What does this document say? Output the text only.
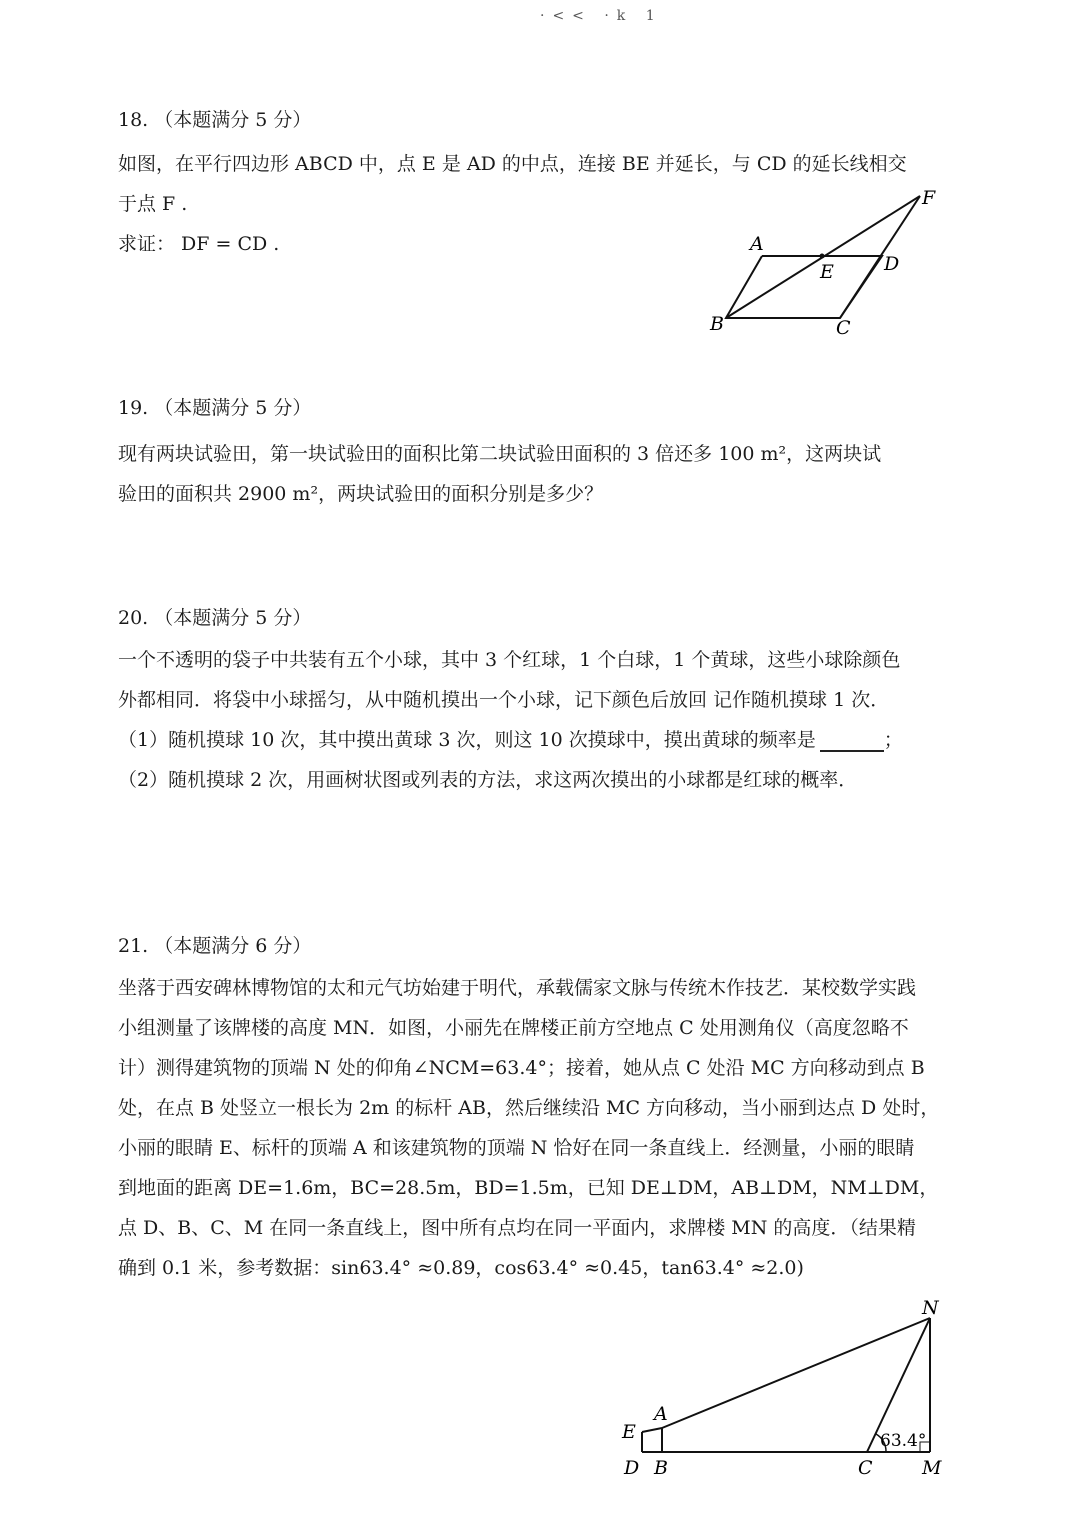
·<< ·k 1
18. （本题满分 5 分）
如图，在平行四边形 ABCD 中，点 E 是 AD 的中点，连接 BE 并延长，与 CD 的延长线相交
于点 F .
求证： DF = CD .	A
E	D
F
B	C
19. （本题满分 5 分）
现有两块试验田，第一块试验田的面积比第二块试验田面积的 3 倍还多 100 m²，这两块试
验田的面积共 2900 m²，两块试验田的面积分别是多少？
20. （本题满分 5 分）
一个不透明的袋子中共装有五个小球，其中 3 个红球，1 个白球，1 个黄球，这些小球除颜色
外都相同．将袋中小球摇匀，从中随机摸出一个小球，记下颜色后放回 记作随机摸球 1 次．
（1）随机摸球 10 次，其中摸出黄球 3 次，则这 10 次摸球中，摸出黄球的频率是	；
（2）随机摸球 2 次，用画树状图或列表的方法，求这两次摸出的小球都是红球的概率．
21. （本题满分 6 分）
坐落于西安碑林博物馆的太和元气坊始建于明代，承载儒家文脉与传统木作技艺．某校数学实践
小组测量了该牌楼的高度 MN．如图，小丽先在牌楼正前方空地点 C 处用测角仪（高度忽略不
计）测得建筑物的顶端 N 处的仰角∠NCM=63.4°；接着，她从点 C 处沿 MC 方向移动到点 B
处，在点 B 处竖立一根长为 2m 的标杆 AB，然后继续沿 MC 方向移动，当小丽到达点 D 处时，
小丽的眼睛 E、标杆的顶端 A 和该建筑物的顶端 N 恰好在同一条直线上．经测量，小丽的眼睛
到地面的距离 DE=1.6m，BC=28.5m，BD=1.5m，已知 DE⊥DM，AB⊥DM，NM⊥DM，
点 D、B、C、M 在同一条直线上，图中所有点均在同一平面内，求牌楼 MN 的高度．（结果精
确到 0.1 米，参考数据：sin63.4° ≈0.89，cos63.4° ≈0.45，tan63.4° ≈2.0)
N
A
E
D B	C	M
63.4°
